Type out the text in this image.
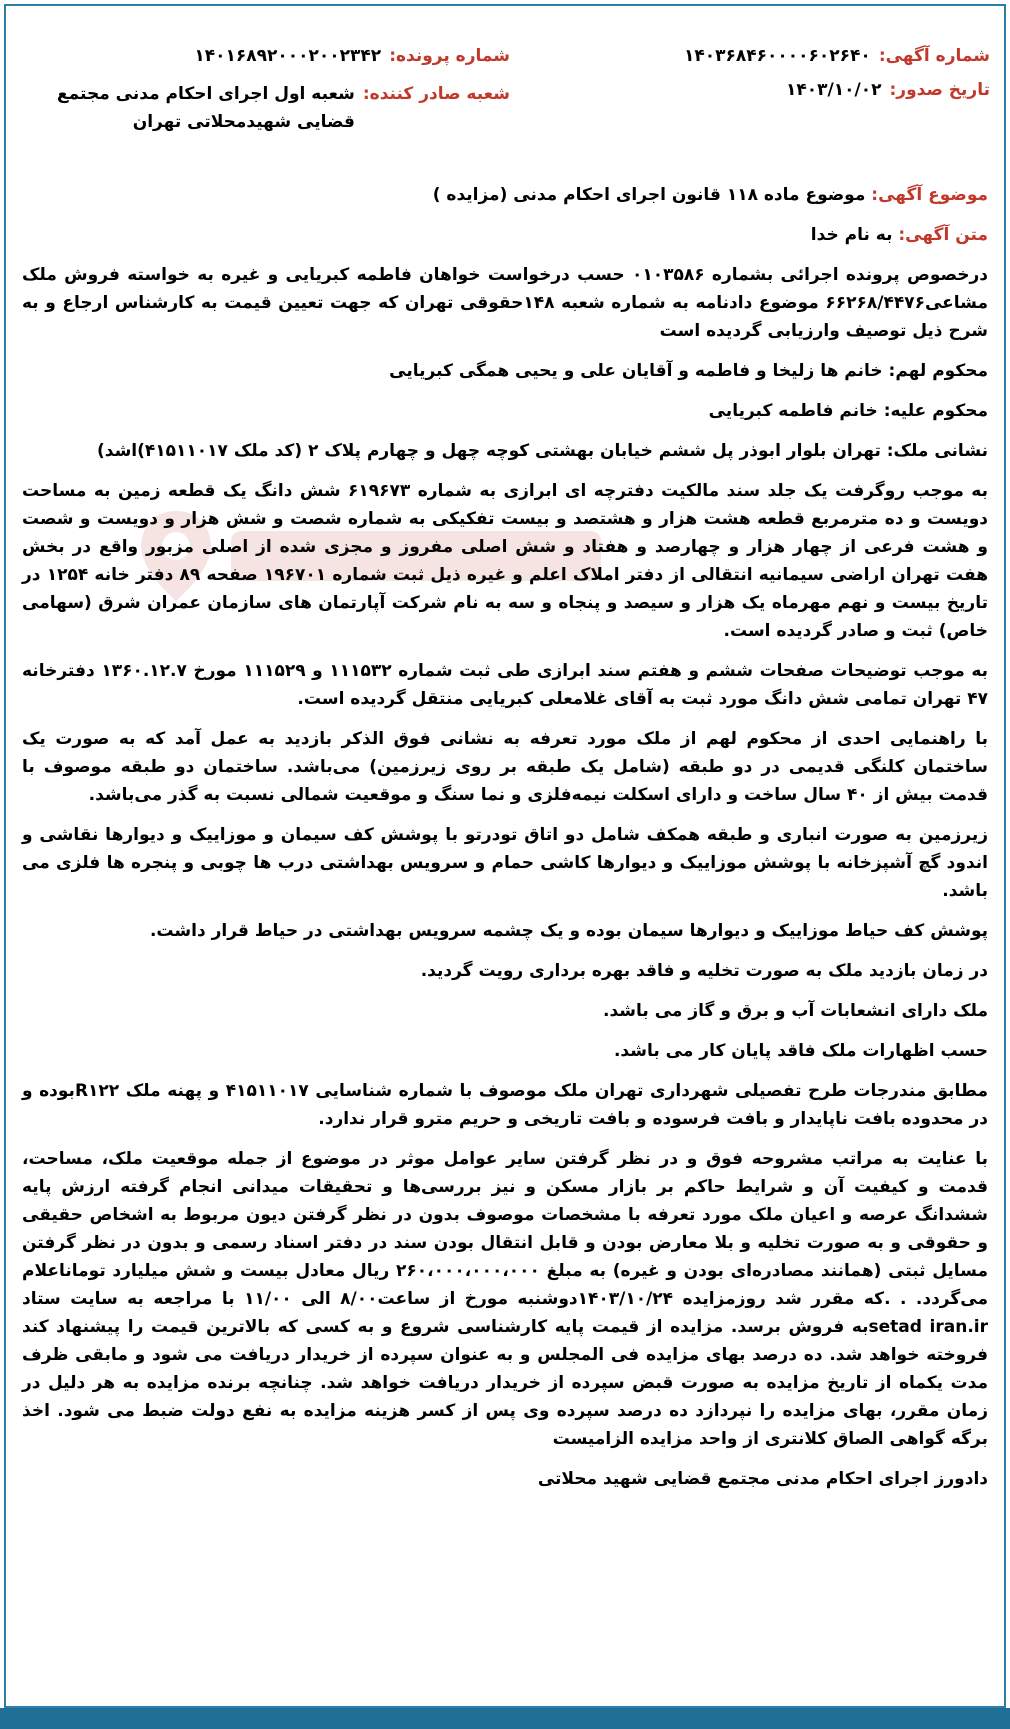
شماره آگهی:
۱۴۰۳۶۸۴۶۰۰۰۰۶۰۲۶۴۰
شماره پرونده:
۱۴۰۱۶۸۹۲۰۰۰۲۰۰۲۳۴۲
تاریخ صدور:
۱۴۰۳/۱۰/۰۲
شعبه صادر کننده:
شعبه اول اجرای احکام مدنی مجتمع قضایی شهیدمحلاتی تهران

موضوع آگهی: موضوع ماده ۱۱۸ قانون اجرای احکام مدنی (مزایده )

متن آگهی: به نام خدا

درخصوص پرونده اجرائی بشماره ۰۱۰۳۵۸۶ حسب درخواست خواهان فاطمه کبریایی و غیره به خواسته فروش ملک مشاعی۶۶۲۶۸/۴۴۷۶ موضوع دادنامه به شماره شعبه ۱۴۸حقوقی تهران که جهت تعیین قیمت به کارشناس ارجاع و به شرح ذیل توصیف وارزیابی گردیده است

محکوم لهم: خانم ها زلیخا و فاطمه و آقایان علی و یحیی همگی کبریایی

محکوم علیه: خانم فاطمه کبریایی

نشانی ملک: تهران بلوار ابوذر پل ششم خیابان بهشتی کوچه چهل و چهارم پلاک ۲ (کد ملک ۴۱۵۱۱۰۱۷)اشد)

به موجب روگرفت یک جلد سند مالکیت دفترچه ای ابرازی به شماره ۶۱۹۶۷۳ شش دانگ یک قطعه زمین به مساحت دویست و ده مترمربع قطعه هشت هزار و هشتصد و بیست تفکیکی به شماره شصت و شش هزار و دویست و شصت و هشت فرعی از چهار هزار و چهارصد و هفتاد و شش اصلی مفروز و مجزی شده از اصلی مزبور واقع در بخش هفت تهران اراضی سیمانیه انتقالی از دفتر املاک اعلم و غیره ذیل ثبت شماره ۱۹۶۷۰۱ صفحه ۸۹ دفتر خانه ۱۲۵۴ در تاریخ بیست و نهم مهرماه یک هزار و سیصد و پنجاه و سه به نام شرکت آپارتمان های سازمان عمران شرق (سهامی خاص) ثبت و صادر گردیده است.

به موجب توضیحات صفحات ششم و هفتم سند ابرازی طی ثبت شماره ۱۱۱۵۳۲ و ۱۱۱۵۲۹ مورخ ۱۳۶۰.۱۲.۷ دفترخانه ۴۷ تهران تمامی شش دانگ مورد ثبت به آقای غلامعلی کبریایی منتقل گردیده است.

با راهنمایی احدی از محکوم لهم از ملک مورد تعرفه به نشانی فوق الذکر بازدید به عمل آمد که به صورت یک ساختمان کلنگی قدیمی در دو طبقه (شامل یک طبقه بر روی زیرزمین) می‌باشد. ساختمان دو طبقه موصوف با قدمت بیش از ۴۰ سال ساخت و دارای اسکلت نیمه‌فلزی و نما سنگ و موقعیت شمالی نسبت به گذر می‌باشد.

زیرزمین به صورت انباری و طبقه همکف شامل دو اتاق تودرتو با پوشش کف سیمان و موزاییک و دیوارها نقاشی و اندود گچ آشپزخانه با پوشش موزاییک و دیوارها کاشی حمام و سرویس بهداشتی درب ها چوبی و پنجره ها فلزی می باشد.

پوشش کف حیاط موزاییک و دیوارها سیمان بوده و یک چشمه سرویس بهداشتی در حیاط قرار داشت.

در زمان بازدید ملک به صورت تخلیه و فاقد بهره برداری رویت گردید.

ملک دارای انشعابات آب و برق و گاز می باشد.

حسب اظهارات ملک فاقد پایان کار می باشد.

مطابق مندرجات طرح تفصیلی شهرداری تهران ملک موصوف با شماره شناسایی ۴۱۵۱۱۰۱۷ و پهنه ملک R۱۲۲بوده و در محدوده بافت ناپایدار و بافت فرسوده و بافت تاریخی و حریم مترو قرار ندارد.

با عنایت به مراتب مشروحه فوق و در نظر گرفتن سایر عوامل موثر در موضوع از جمله موقعیت ملک، مساحت، قدمت و کیفیت آن و شرایط حاکم بر بازار مسکن و نیز بررسی‌ها و تحقیقات میدانی انجام گرفته ارزش پایه ششدانگ عرصه و اعیان ملک مورد تعرفه با مشخصات موصوف بدون در نظر گرفتن دیون مربوط به اشخاص حقیقی و حقوقی و به صورت تخلیه و بلا معارض بودن و قابل انتقال بودن سند در دفتر اسناد رسمی و بدون در نظر گرفتن مسایل ثبتی (همانند مصادره‌ای بودن و غیره) به مبلغ ۲۶۰،۰۰۰،۰۰۰،۰۰۰ ریال معادل بیست و شش میلیارد توماناعلام می‌گردد. . .که مقرر شد روزمزایده ۱۴۰۳/۱۰/۲۴دوشنبه مورخ از ساعت۸/۰۰ الی ۱۱/۰۰ با مراجعه به سایت ستاد setad iran.irبه فروش برسد. مزایده از قیمت پایه کارشناسی شروع و به کسی که بالاترین قیمت را پیشنهاد کند فروخته خواهد شد. ده درصد بهای مزایده فی المجلس و به عنوان سپرده از خریدار دریافت می شود و مابقی ظرف مدت یکماه از تاریخ مزایده به صورت قبض سپرده از خریدار دریافت خواهد شد. چنانچه برنده مزایده به هر دلیل در زمان مقرر، بهای مزایده را نپردازد ده درصد سپرده وی پس از کسر هزینه مزایده به نفع دولت ضبط می شود. اخذ برگه گواهی الصاق کلانتری از واحد مزایده الزامیست

دادورز اجرای احکام مدنی مجتمع قضایی شهید محلاتی
